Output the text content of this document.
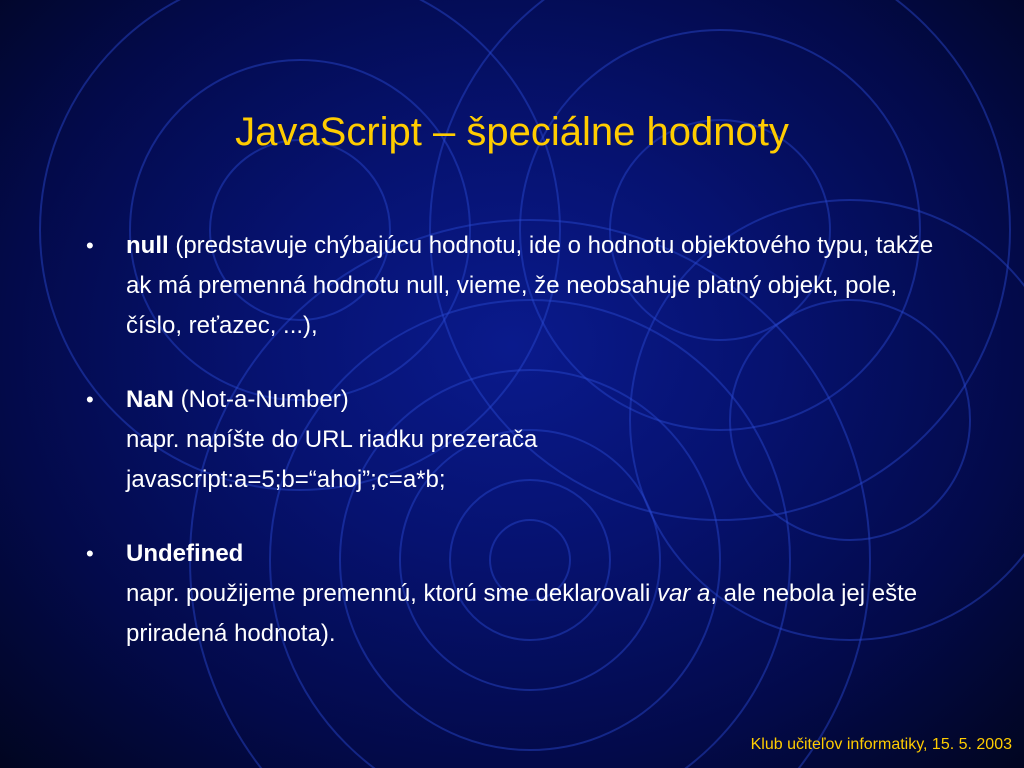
JavaScript – špeciálne hodnoty
•	null (predstavuje chýbajúcu hodnotu, ide o hodnotu objektového typu, takže ak má premenná hodnotu null, vieme, že neobsahuje platný objekt, pole, číslo, reťazec, ...),
•	NaN (Not-a-Number)
napr. napíšte do URL riadku prezerača
javascript:a=5;b=“ahoj”;c=a*b;
•	Undefined
napr. použijeme premennú, ktorú sme deklarovali var a, ale nebola jej ešte priradená hodnota).
Klub učiteľov informatiky, 15. 5. 2003
